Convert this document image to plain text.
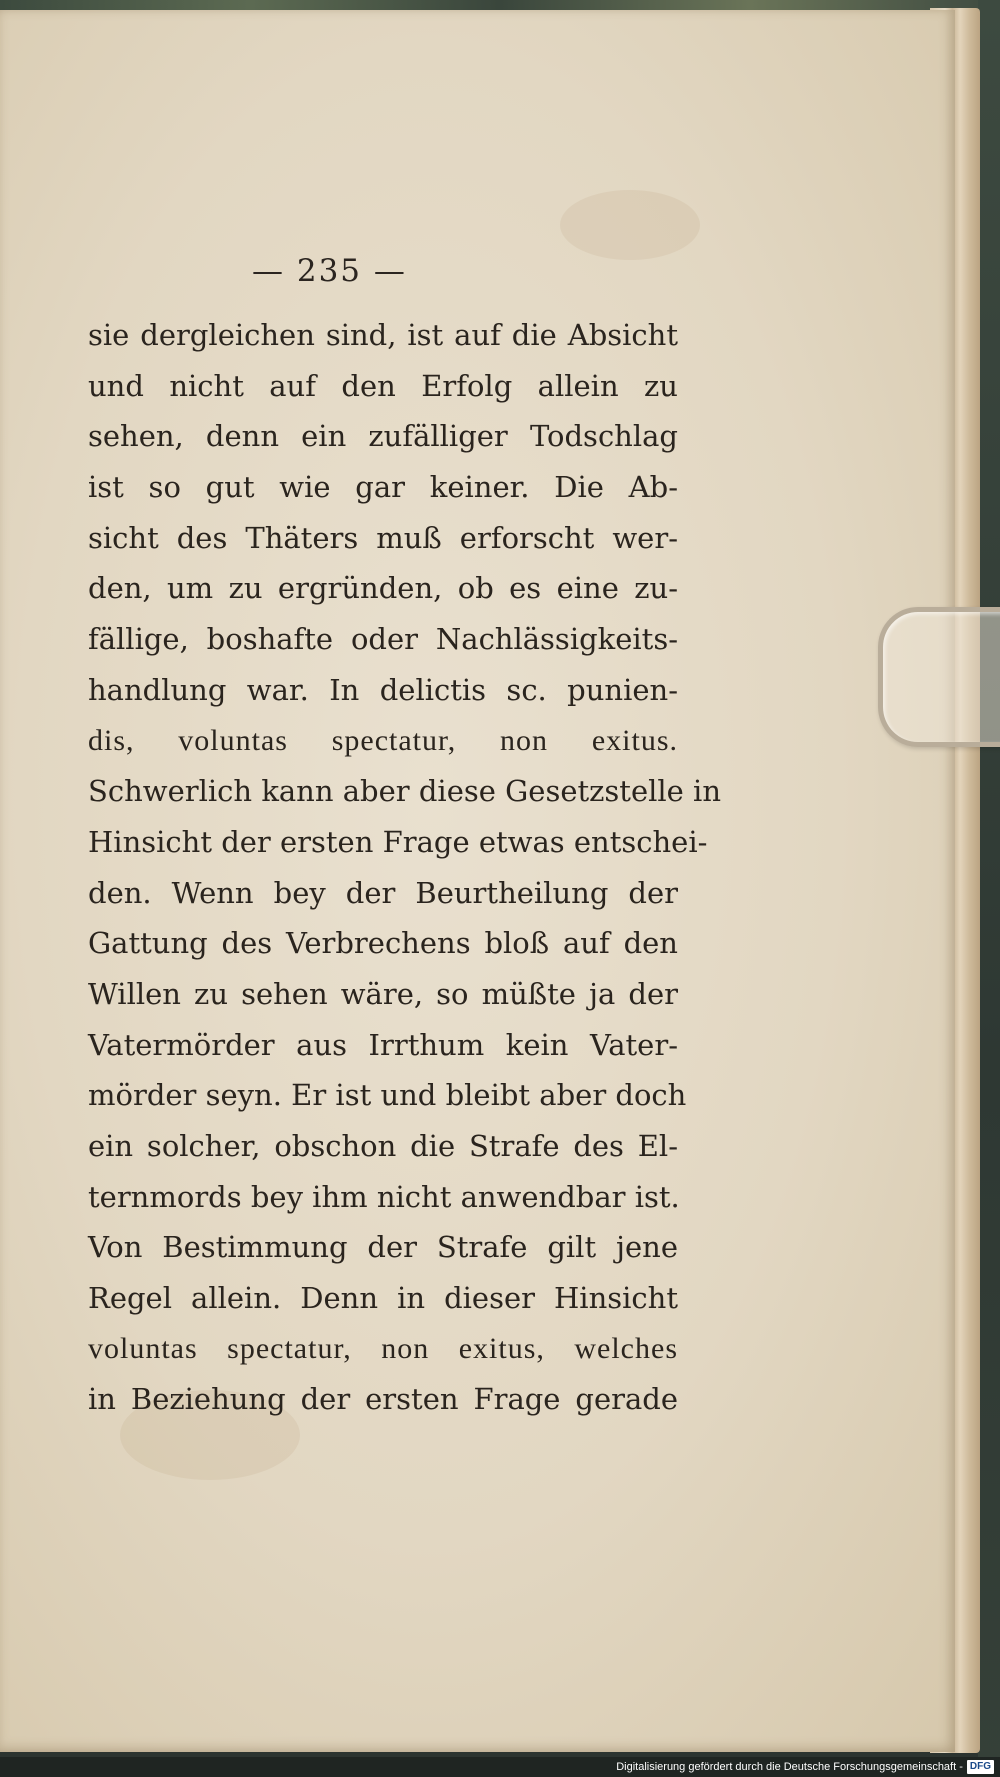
— 235 —
sie dergleichen sind, ist auf die Absicht
und nicht auf den Erfolg allein zu
sehen, denn ein zufälliger Todschlag
ist so gut wie gar keiner. Die Ab-
sicht des Thäters muß erforscht wer-
den, um zu ergründen, ob es eine zu-
fällige, boshafte oder Nachlässigkeits-
handlung war. In delictis sc. punien-
dis, voluntas spectatur, non exitus.
Schwerlich kann aber diese Gesetzstelle in
Hinsicht der ersten Frage etwas entschei-
den. Wenn bey der Beurtheilung der
Gattung des Verbrechens bloß auf den
Willen zu sehen wäre, so müßte ja der
Vatermörder aus Irrthum kein Vater-
mörder seyn. Er ist und bleibt aber doch
ein solcher, obschon die Strafe des El-
ternmords bey ihm nicht anwendbar ist.
Von Bestimmung der Strafe gilt jene
Regel allein. Denn in dieser Hinsicht
voluntas spectatur, non exitus, welches
in Beziehung der ersten Frage gerade
Digitalisierung gefördert durch die Deutsche Forschungsgemeinschaft - DFG
